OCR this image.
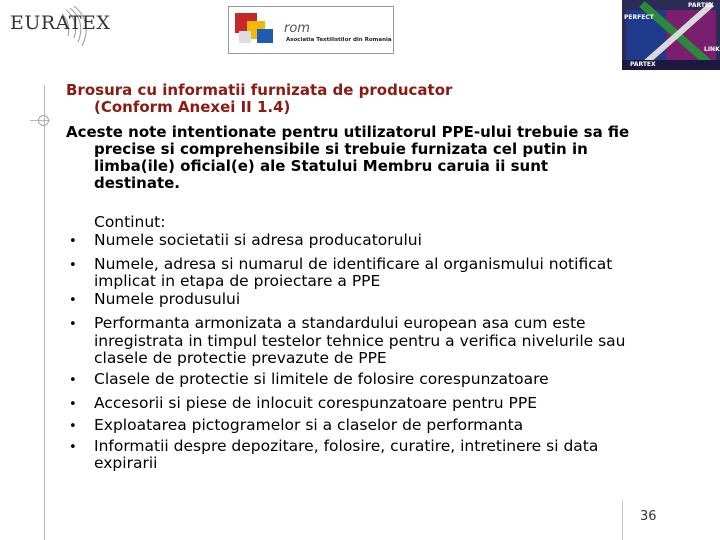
EURATEX	rom
Asociatia Textilistilor din Romania
PERFECT
PARTEX
LINK
PARTEX
Brosura cu informatii furnizata de producator
(Conform Anexei II 1.4)
Aceste note intentionate pentru utilizatorul PPE-ului trebuie sa fie
precise si comprehensibile si trebuie furnizata cel putin in
limba(ile) oficial(e) ale Statului Membru caruia ii sunt
destinate.
Continut:
• Numele societatii si adresa producatorului
• Numele, adresa si numarul de identificare al organismului notificat
implicat in etapa de proiectare a PPE
• Numele produsului
• Performanta armonizata a standardului european asa cum este
inregistrata in timpul testelor tehnice pentru a verifica nivelurile sau
clasele de protectie prevazute de PPE
• Clasele de protectie si limitele de folosire corespunzatoare
• Accesorii si piese de inlocuit corespunzatoare pentru PPE
• Exploatarea pictogramelor si a claselor de performanta
• Informatii despre depozitare, folosire, curatire, intretinere si data
expirarii
36
